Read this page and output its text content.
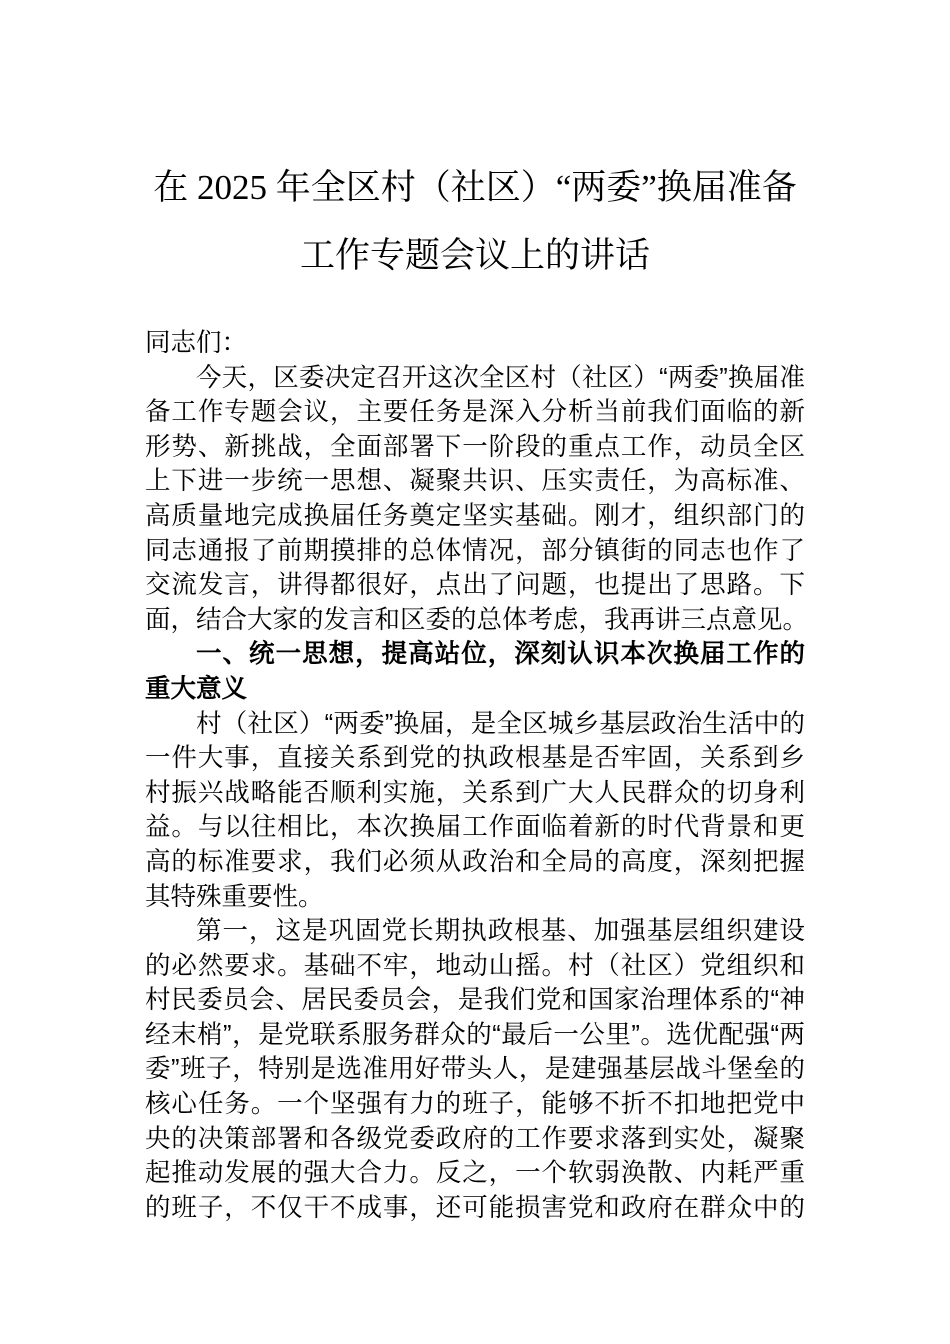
在 2025 年全区村（社区）“两委”换届准备
工作专题会议上的讲话
同志们：
今天，区委决定召开这次全区村（社区）“两委”换届准
备工作专题会议，主要任务是深入分析当前我们面临的新
形势、新挑战，全面部署下一阶段的重点工作，动员全区
上下进一步统一思想、凝聚共识、压实责任，为高标准、
高质量地完成换届任务奠定坚实基础。刚才，组织部门的
同志通报了前期摸排的总体情况，部分镇街的同志也作了
交流发言，讲得都很好，点出了问题，也提出了思路。下
面，结合大家的发言和区委的总体考虑，我再讲三点意见。
一、统一思想，提高站位，深刻认识本次换届工作的
重大意义
村（社区）“两委”换届，是全区城乡基层政治生活中的
一件大事，直接关系到党的执政根基是否牢固，关系到乡
村振兴战略能否顺利实施，关系到广大人民群众的切身利
益。与以往相比，本次换届工作面临着新的时代背景和更
高的标准要求，我们必须从政治和全局的高度，深刻把握
其特殊重要性。
第一，这是巩固党长期执政根基、加强基层组织建设
的必然要求。基础不牢，地动山摇。村（社区）党组织和
村民委员会、居民委员会，是我们党和国家治理体系的“神
经末梢”，是党联系服务群众的“最后一公里”。选优配强“两
委”班子，特别是选准用好带头人，是建强基层战斗堡垒的
核心任务。一个坚强有力的班子，能够不折不扣地把党中
央的决策部署和各级党委政府的工作要求落到实处，凝聚
起推动发展的强大合力。反之，一个软弱涣散、内耗严重
的班子，不仅干不成事，还可能损害党和政府在群众中的
